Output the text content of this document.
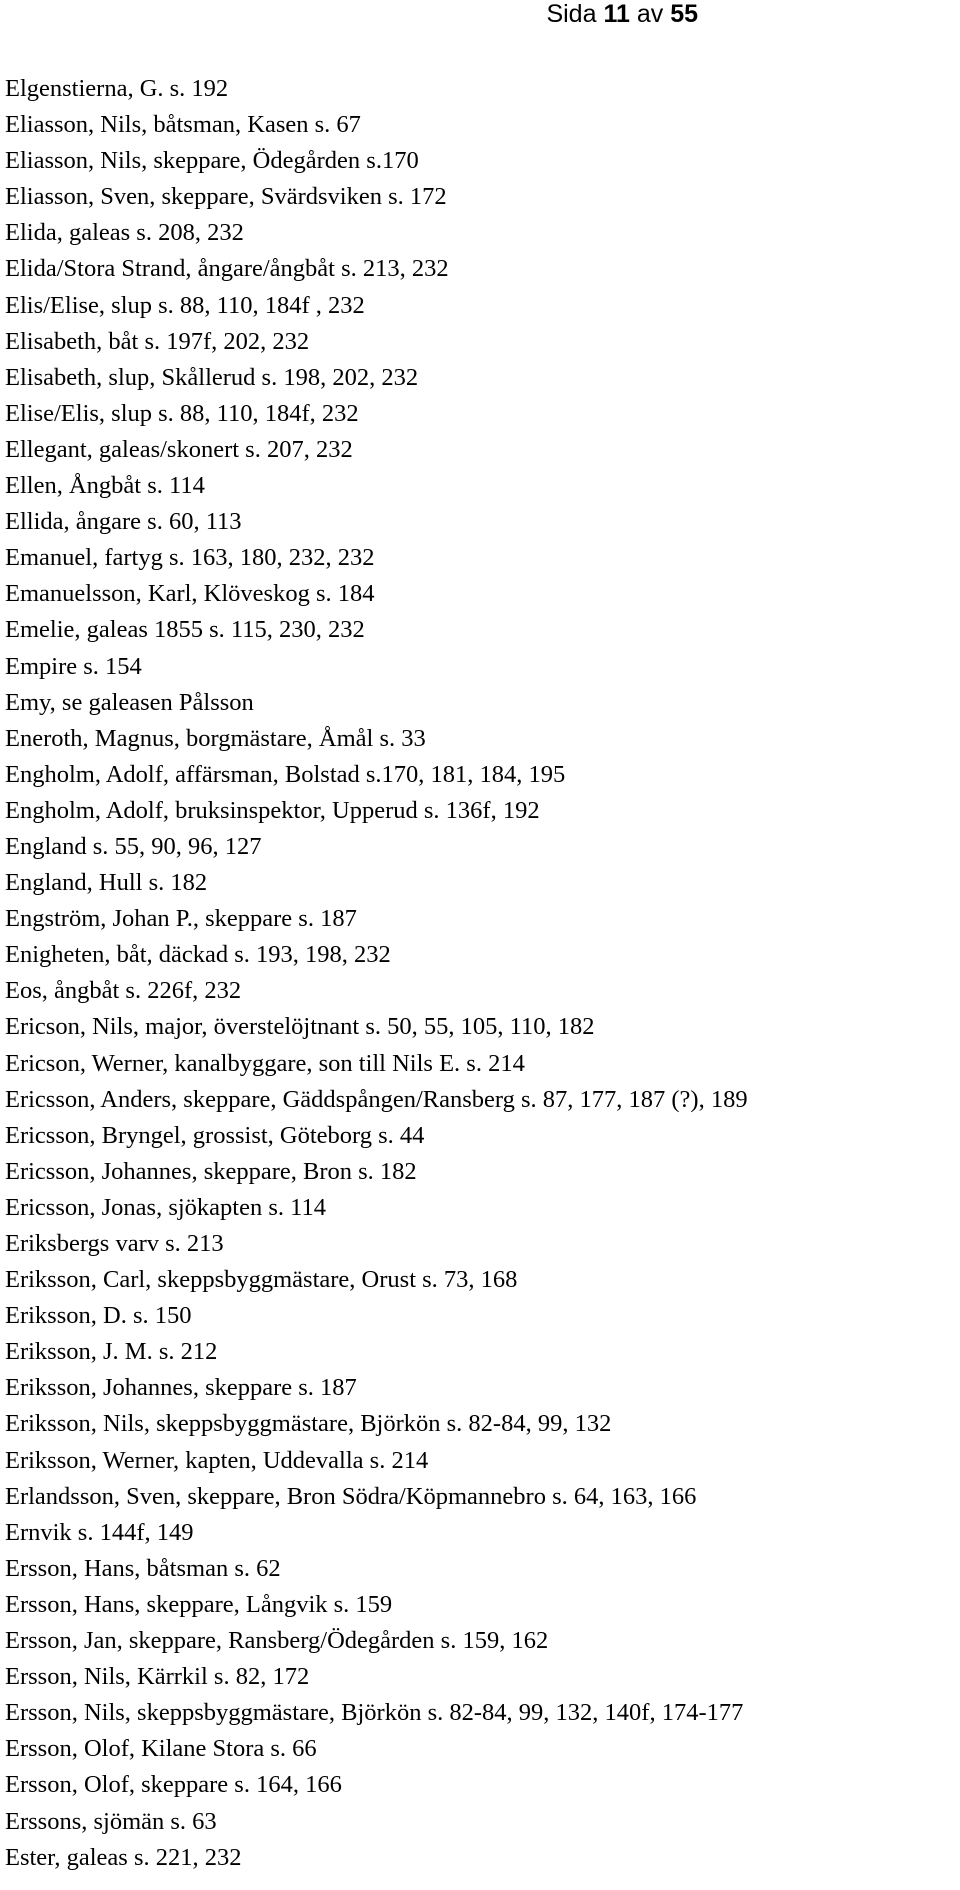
Sida 11 av 55
Elgenstierna, G. s. 192
Eliasson, Nils, båtsman, Kasen s. 67
Eliasson, Nils, skeppare, Ödegården s.170
Eliasson, Sven, skeppare, Svärdsviken s. 172
Elida, galeas s. 208, 232
Elida/Stora Strand, ångare/ångbåt s. 213, 232
Elis/Elise, slup s. 88, 110, 184f , 232
Elisabeth, båt s. 197f, 202, 232
Elisabeth, slup, Skållerud s. 198, 202, 232
Elise/Elis, slup s. 88, 110, 184f, 232
Ellegant, galeas/skonert s. 207, 232
Ellen, Ångbåt s. 114
Ellida, ångare s. 60, 113
Emanuel, fartyg s. 163, 180, 232, 232
Emanuelsson, Karl, Klöveskog s. 184
Emelie, galeas 1855 s. 115, 230, 232
Empire s. 154
Emy, se galeasen Pålsson
Eneroth, Magnus, borgmästare, Åmål s. 33
Engholm, Adolf, affärsman, Bolstad s.170, 181, 184, 195
Engholm, Adolf, bruksinspektor, Upperud s. 136f, 192
England s. 55, 90, 96, 127
England, Hull s. 182
Engström, Johan P., skeppare s. 187
Enigheten, båt, däckad s. 193, 198, 232
Eos, ångbåt s. 226f, 232
Ericson, Nils, major, överstelöjtnant s. 50, 55, 105, 110, 182
Ericson, Werner, kanalbyggare, son till Nils E. s. 214
Ericsson, Anders, skeppare, Gäddspången/Ransberg s. 87, 177, 187 (?), 189
Ericsson, Bryngel, grossist, Göteborg s. 44
Ericsson, Johannes, skeppare, Bron s. 182
Ericsson, Jonas, sjökapten s. 114
Eriksbergs varv s. 213
Eriksson, Carl, skeppsbyggmästare, Orust s. 73, 168
Eriksson, D. s. 150
Eriksson, J. M. s. 212
Eriksson, Johannes, skeppare s. 187
Eriksson, Nils, skeppsbyggmästare, Björkön s. 82-84, 99, 132
Eriksson, Werner, kapten, Uddevalla s. 214
Erlandsson, Sven, skeppare, Bron Södra/Köpmannebro s. 64, 163, 166
Ernvik s. 144f, 149
Ersson, Hans, båtsman s. 62
Ersson, Hans, skeppare, Långvik s. 159
Ersson, Jan, skeppare, Ransberg/Ödegården s. 159, 162
Ersson, Nils, Kärrkil s. 82, 172
Ersson, Nils, skeppsbyggmästare, Björkön s. 82-84, 99, 132, 140f, 174-177
Ersson, Olof, Kilane Stora s. 66
Ersson, Olof, skeppare s. 164, 166
Erssons, sjömän s. 63
Ester, galeas s. 221, 232
